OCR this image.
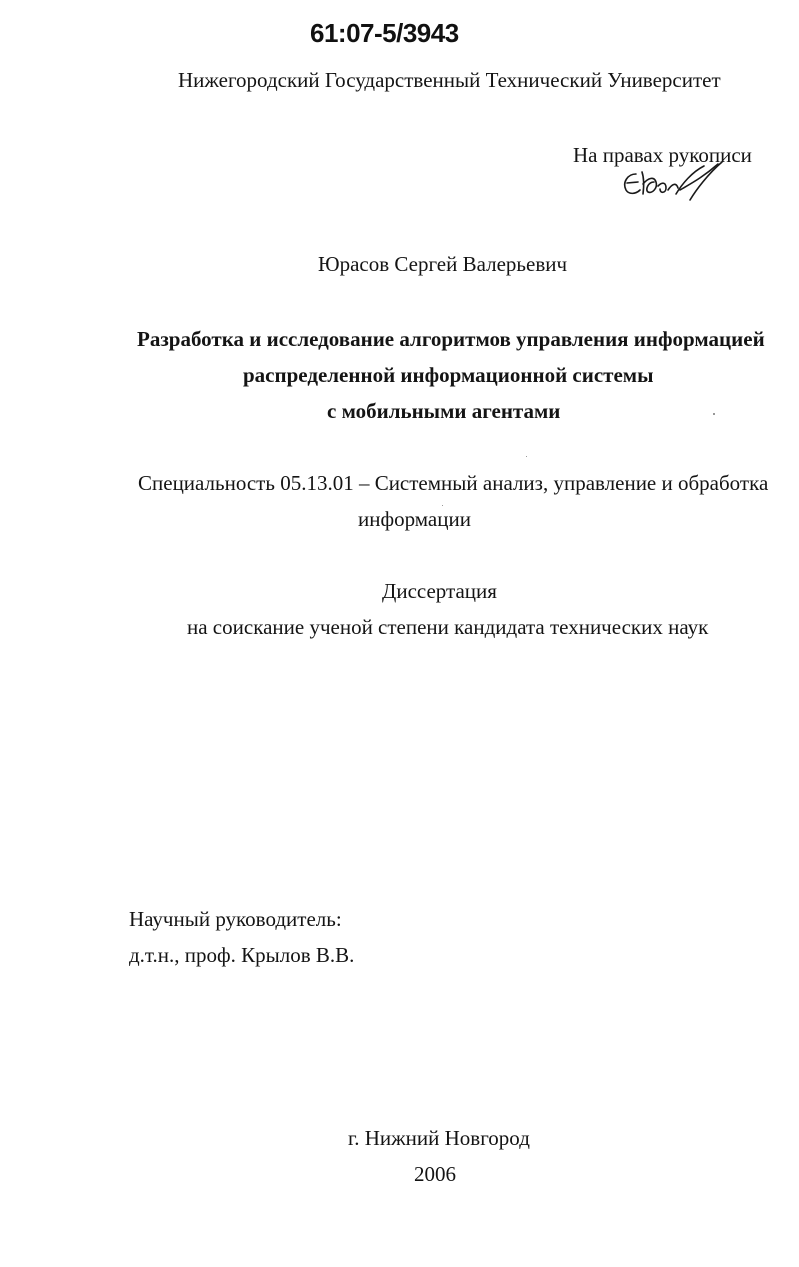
61:07-5/3943
Нижегородский Государственный Технический Университет
На правах рукописи
Юрасов Сергей Валерьевич
Разработка и исследование алгоритмов управления информацией
распределенной информационной системы
с мобильными агентами
Специальность 05.13.01 – Системный анализ, управление и обработка
информации
Диссертация
на соискание ученой степени кандидата технических наук
Научный руководитель:
д.т.н., проф. Крылов В.В.
г. Нижний Новгород
2006
